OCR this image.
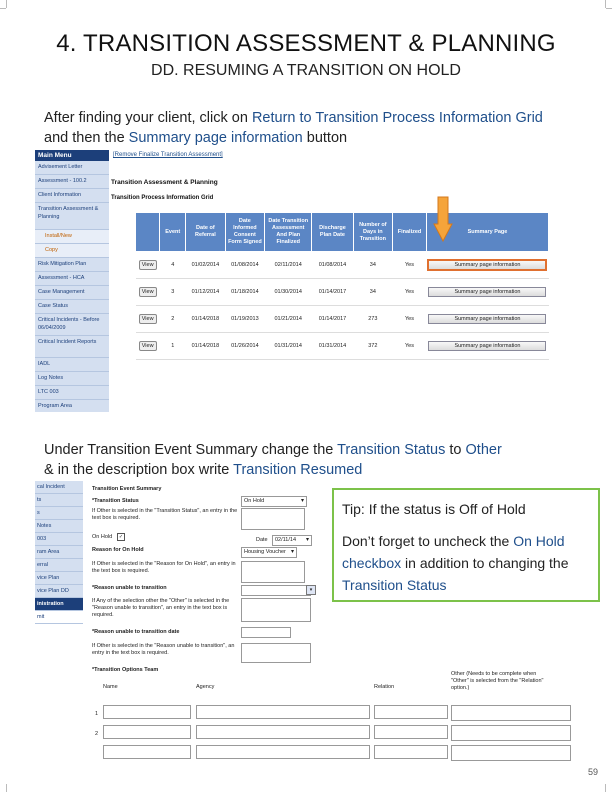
4. TRANSITION ASSESSMENT & PLANNING
DD. RESUMING A TRANSITION ON HOLD
After finding your client, click on Return to Transition Process Information Grid and then the Summary page information button
Main Menu
Advisement Letter
Assessment - 100.2
Client Information
Transition Assessment & Planning
Install/New
Copy
Risk Mitigation Plan
Assessment - HCA
Case Management
Case Status
Critical Incidents - Before 06/04/2009
Critical Incident Reports
IADL
Log Notes
LTC 003
Program Area
[Remove Finalize Transition Assessment]
Transition Assessment & Planning
Transition Process Information Grid
	Event	Date of Referral	Date Informed Consent Form Signed	Date Transition Assessment And Plan Finalized	Discharge Plan Date	Number of Days in Transition	Finalized	Summary Page
View	4	01/02/2014	01/08/2014	02/11/2014	01/08/2014	34	Yes	Summary page information
View	3	01/12/2014	01/18/2014	01/30/2014	01/14/2017	34	Yes	Summary page information
View	2	01/14/2018	01/19/2013	01/21/2014	01/14/2017	273	Yes	Summary page information
View	1	01/14/2018	01/26/2014	01/31/2014	01/31/2014	372	Yes	Summary page information
Under Transition Event Summary change the Transition Status to Other
& in the description box write Transition Resumed
cal Incident
ts
s
Notes
003
ram Area
erral
vice Plan
vice Plan DD
inistration
mit
Transition Event Summary
*Transition Status	On Hold ▾
If Other is selected in the "Transition Status", an entry in the text box is required.
On Hold	✓	Date	02/11/14 ▾
Reason for On Hold	Housing Voucher ▾
If Other is selected in the "Reason for On Hold", an entry in the text box is required.
*Reason unable to transition	▾
If Any of the selection other the "Other" is selected in the "Reason unable to transition", an entry in the text box is required.
*Reason unable to transition date
If Other is selected in the "Reason unable to transition", an entry in the text box is required.
*Transition Options Team
Name	Agency	Relation
Other (Needs to be complete when "Other" is selected from the "Relation" option.)
1
2
Tip: If the status is Off of Hold
Don’t forget to uncheck the On Hold checkbox in addition to changing the Transition Status
59
